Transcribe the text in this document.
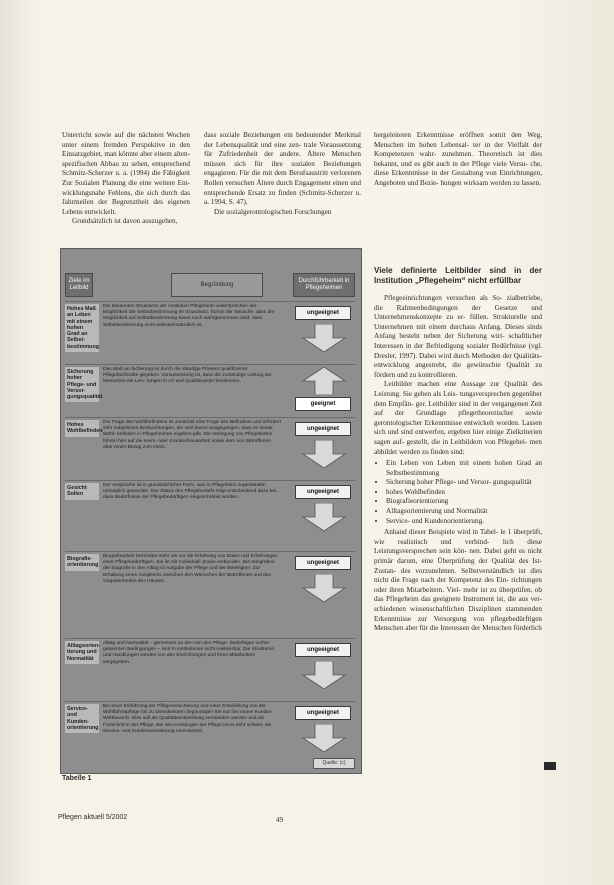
Unterricht sowie auf die nächsten Wochen unter einem fremden Perspektive in den Einsatzgebiet, man könnte aber einem alten- spezifischen Abbau zu sehen, entsprechend Schmitz-Scherzer u. a. (1994) die Fähigkeit Zur Sozialen Planung die eine weitere Ent- wicklungsnahe Fehlens, die sich durch das Jahrmeilen der Begrenztheit des eigenen Lebens entwickelt.

Grundsätzlich ist davon auszugehen,

dass soziale Beziehungen ein bedeutender Merkmal der Lebensqualität und eine zen- trale Voraussetzung für Zufriedenheit der andere. Ältere Menschen müssen sich für ihre sozialen Beziehungen engagieren. Für die mit dem Berufsaustritt verlorenen Rollen versuchen Ältere durch Engagement einen und entsprechende Ersatz zu finden (Schmitz-Scherzer u. a. 1994, S. 47).

Die sozialgerontologischen Forschungen

hergeleiteten Erkenntnisse eröffnen somit den Weg, Menschen im hohen Lebensal- ter in der Vielfalt der Kompetenzen wahr- zunehmen. Theoretisch ist dies bekannt, und es gibt auch in der Pflege viele Versu- che, diese Erkenntnisse in der Gestaltung von Einrichtungen, Angeboten und Bezie- hungen wirksam werden zu lassen.

Viele definierte Leitbilder sind in der Institution „Pflegeheim“ nicht erfüllbar

Pflegeeinrichtungen versuchen als So- zialbetriebe, die Rahmenbedingungen der Gesetze und Unternehmenskonzepte zu er- füllen. Strukturelle und Unternehmen mit einem durchaus Anfang. Dieses sinds Anfang besteht neben der Sicherung wirt- schaftlicher Interessen in der Befriedigung sozialer Bedürfnisse (vgl. Dresler, 1997). Dabei wird durch Methoden der Qualitäts- entwicklung angestrebt, die gewünschte Qualität zu fördern und zu kontrollieren.

Leitbilder machen eine Aussage zur Qualität des Leistung. Sie geben als Leis- tungsversprechen gegenüber dem Empfän- ger. Leitbilder sind in der vergangenen Zeit auf der Grundlage pflegetheoretischer sowie gerontologischer Erkenntnisse entwickelt worden. Lassen sich und sind entwerfen, ergeben hier einige Zielkriterien sagen auf- gestellt, die in Leitbildern von Pflegehei- men abbildet werden zu finden sind:

• Ein Leben von Leben mit einem hohen Grad an Selbstbestimmung
• Sicherung hoher Pflege- und Versor- gungsqualität
• hohes Wohlbefinden
• Biografieorientierung
• Alltagsorientierung und Normalität
• Service- und Kundenorientierung.

Anhand dieser Beispiele wird in Tabel- le 1 überprüft, wie realistisch und verbind- lich diese Leistungsversprechen sein kön- nen. Dabei geht es nicht primär darum, eine Überprüfung der Qualität des Ist-Zustan- des vorzunehmen. Selbstverständlich ist dies nicht die Frage nach der Kompetenz des Ein- richtungen oder ihren Mitarbeitern. Viel- mehr ist zu überprüfen, ob das Pflegeheim das geeignete Instrument ist, die aus ver- schiedenen wissenschaftlichen Disziplinen stammenden Erkenntnisse zur Versorgung von pflegebedürftigen Menschen aber für die Interessen der Menschen förderlich

Ziele im Leitbild
Begründung
Durchführbarkeit in Pflegeheimen
Hohes Maß an Leben mit einem hohen Grad an Selbst- bestimmung
Die bekannten Strukturen der institution Pflegeheim widersprechen der Möglichkeit der Selbstbestimmung im Grundsatz. Schon die Tatsache, dass die Möglichkeit auf Selbstbestimmung kaum noch wahrgenommen wird, dass Selbstbestimmung nicht selbstverständlich ist.
ungeeignet
Sicherung hoher Pflege- und Versor- gungsqualität
Das Maß an Sicherung ist durch die ständige Präsenz qualifizierter Pflegefachkräfte gegeben. Voraussetzung ist, dass die zuständige Leitung der Menschen die Leis- tungen in Art und Qualität jeder bestimmen.
geeignet
Hohes Wohlbefinden
Die Frage des Wohlbefindens ist zunächst eine Frage des Befindens und erfordert sehr subjektiven Beobachtungen, die weil davon ausgegangen, dass es keiner Wohl- befinden in Pflegeheimen ergeben gibt. Die Verlegung von Pflegebetten führen hier auf die Heim- oder Krankenhausarbeit sowie dem von Betroffenen aber einen Bezug zum Heim.
ungeeignet
Gesicht Sollen
Der Ansprüche ist in grundsätzlicher Form, was in Pflegeheim zugestanden unmöglich geworden. Der Status des Pflegebedarfs trägt entscheidend dazu bei, dass Bedürfnisse der Pflegebedürftigen eingeschränkt werden.
ungeeignet
Biografie- orientierung
Biografiearbeit beinhaltet mehr als nur die Erhebung von Daten und Erfahrungen einer Pflegebedürftigen. Sie ist mit Individual- praxis verbunden. Die Integration der Biografie in den Alltag ist Aufgabe der Pflege und der Beteiligten. Zur Erhaltung eines Ausgleichs zwischen den Wünschen der Betroffenen und den Gegebenheiten des Hauses.
ungeeignet
Alltagsorien- tierung und Normalität
Alltag und Normalität – gemessen an den von den Pflege- bedürftigen vorher gekannten Bedingungen – sind in Institutionen nicht realisierbar. Die Strukturen und Handlungen werden von den Einrichtungen und ihren Mitarbeitern vorgegeben.
ungeeignet
Service- und Kunden- orientierung
Bei einer Einführung der Pflegeversicherung und einer Entwicklung von der Wohlfahrtspflege hin zu Dienstleistern begünstigen Sie nun bei einem Kunden Wettbewerb. Dies soll als Qualitätsentwicklung verstanden werden und als Fortschritt in der Pflege. Bei den Leistungen der Pflege ist es sehr schwer, die Service- und Kundenorientierung umzusetzen.
ungeeignet
Quelle: (c)
Tabelle 1
Pflegen aktuell 5/2002	49
